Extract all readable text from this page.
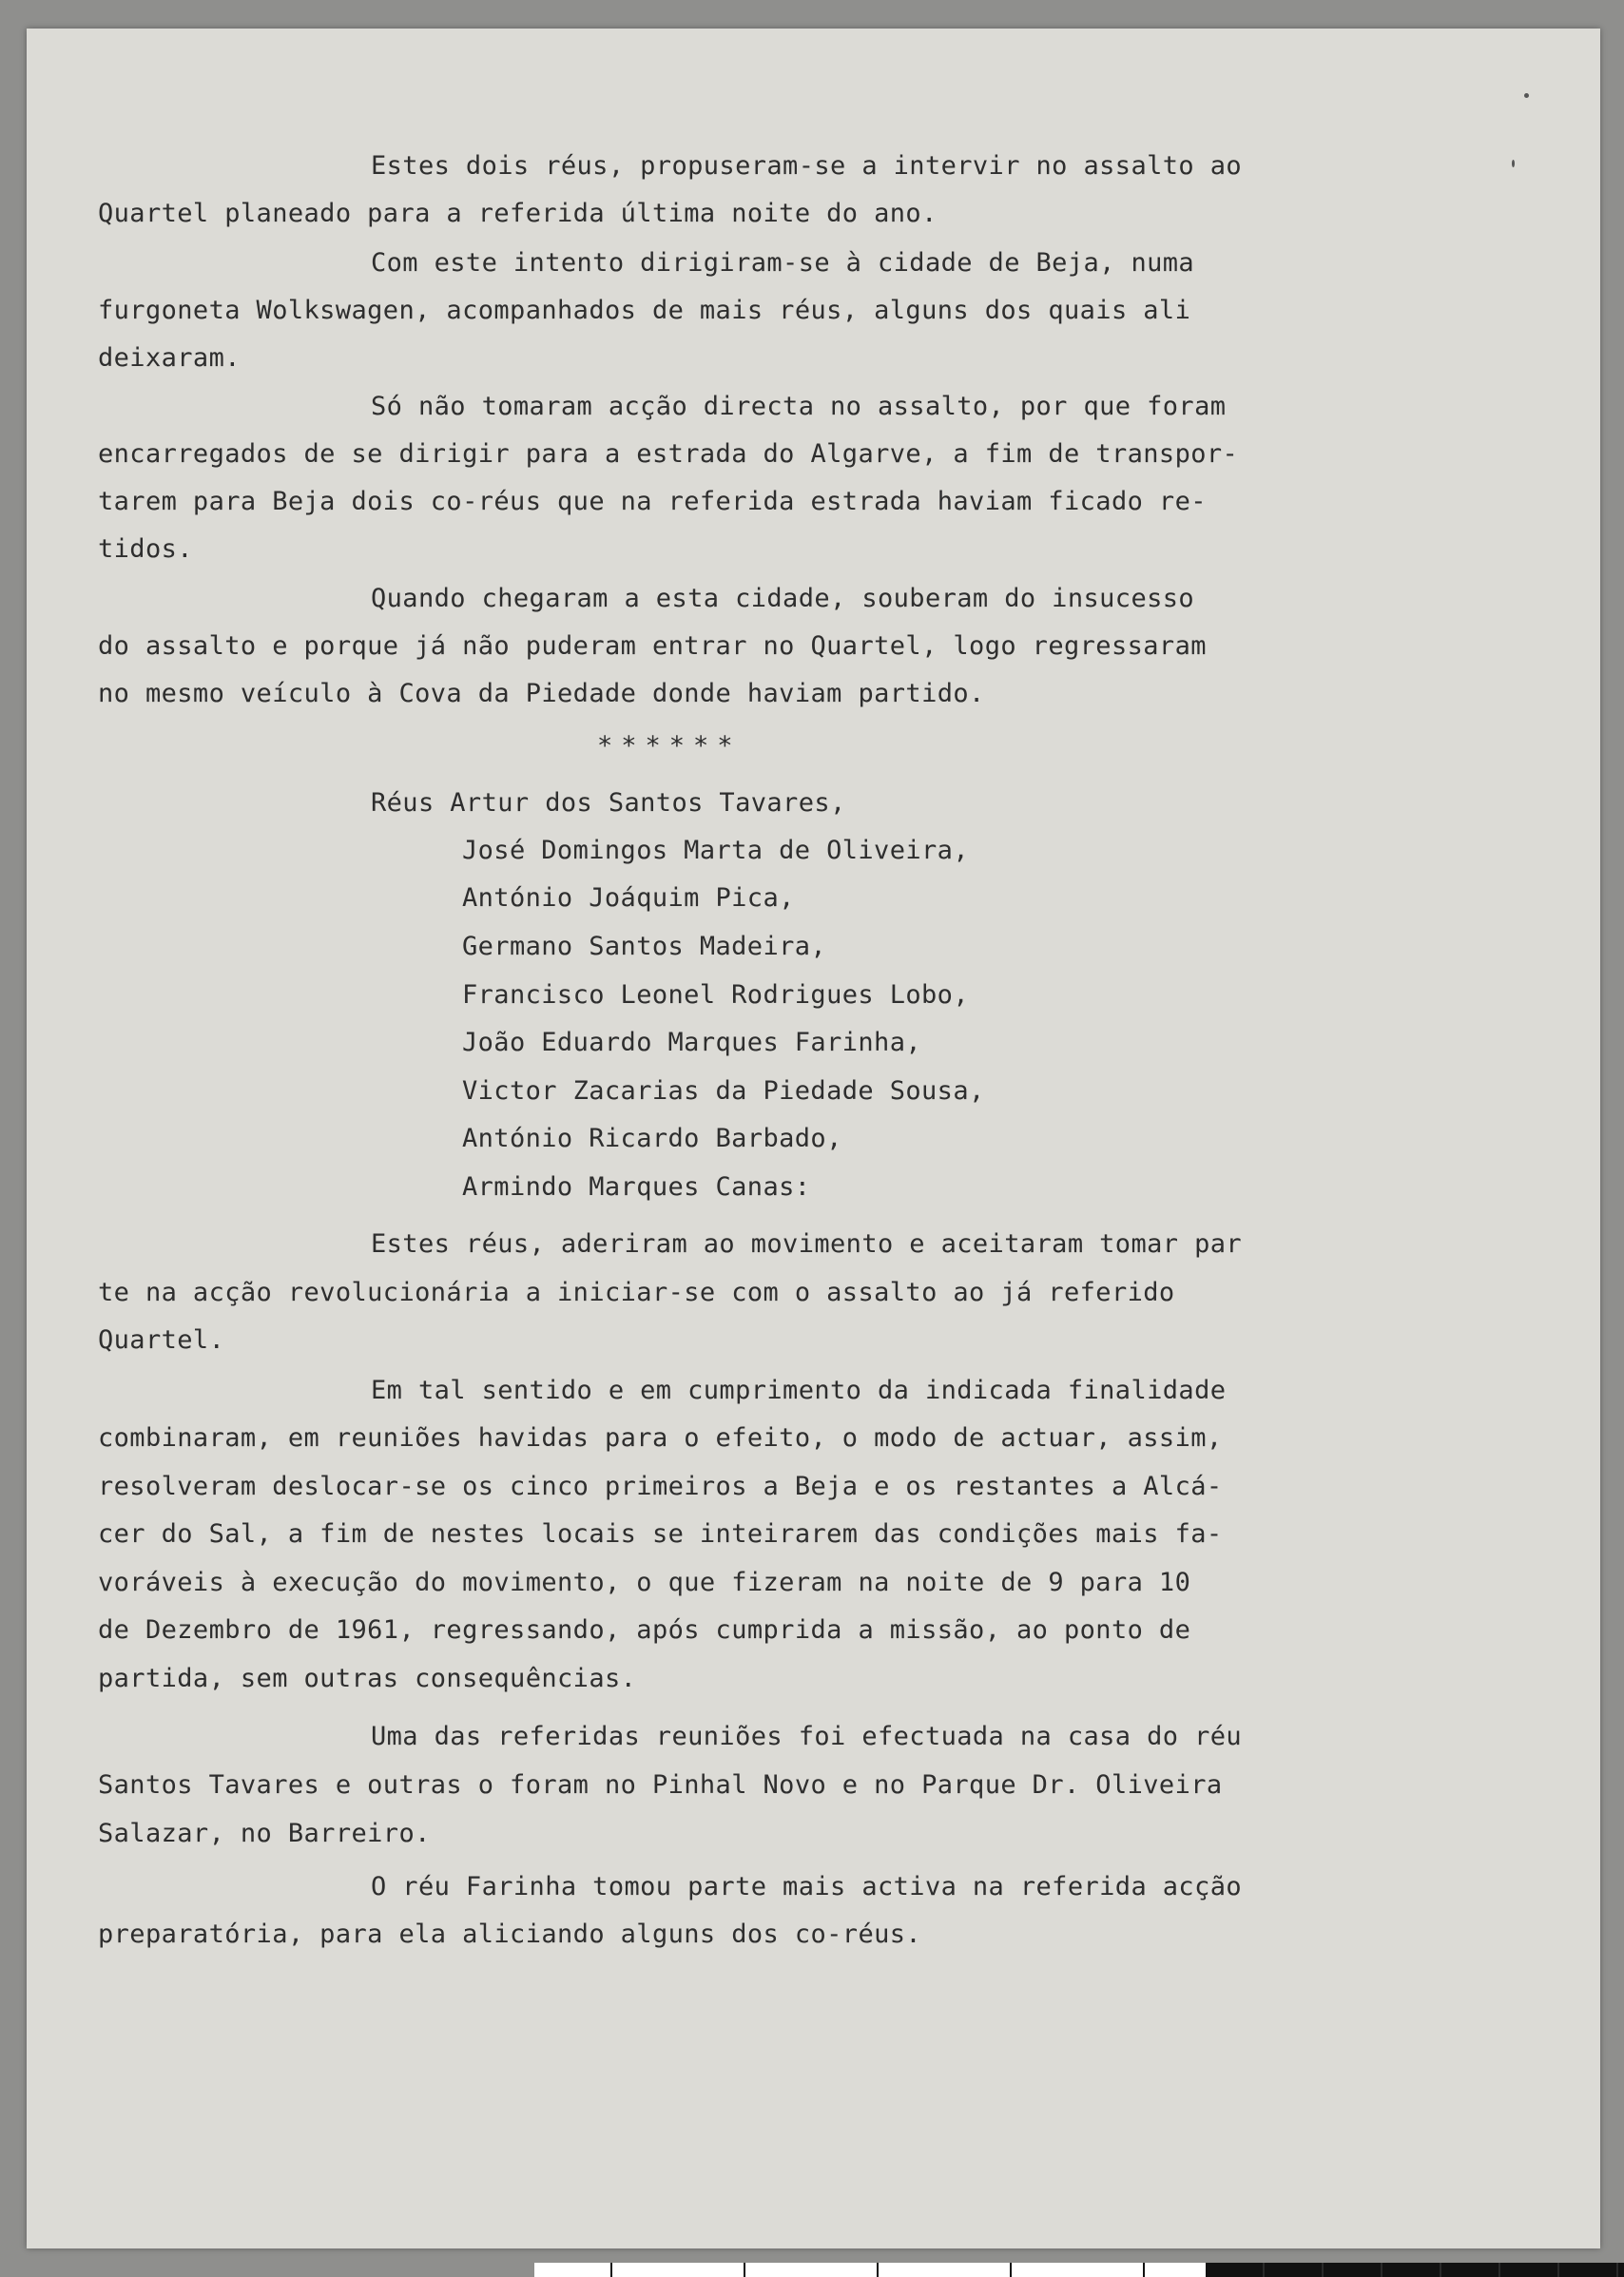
Estes dois réus, propuseram-se a intervir no assalto ao
Quartel planeado para a referida última noite do ano.
Com este intento dirigiram-se à cidade de Beja, numa
furgoneta Wolkswagen, acompanhados de mais réus, alguns dos quais ali
deixaram.
Só não tomaram acção directa no assalto, por que foram
encarregados de se dirigir para a estrada do Algarve, a fim de transpor-
tarem para Beja dois co-réus que na referida estrada haviam ficado re-
tidos.
Quando chegaram a esta cidade, souberam do insucesso
do assalto e porque já não puderam entrar no Quartel, logo regressaram
no mesmo veículo à Cova da Piedade donde haviam partido.
******
Réus Artur dos Santos Tavares,
José Domingos Marta de Oliveira,
António Joáquim Pica,
Germano Santos Madeira,
Francisco Leonel Rodrigues Lobo,
João Eduardo Marques Farinha,
Victor Zacarias da Piedade Sousa,
António Ricardo Barbado,
Armindo Marques Canas:
Estes réus, aderiram ao movimento e aceitaram tomar par
te na acção revolucionária a iniciar-se com o assalto ao já referido
Quartel.
Em tal sentido e em cumprimento da indicada finalidade
combinaram, em reuniões havidas para o efeito, o modo de actuar, assim,
resolveram deslocar-se os cinco primeiros a Beja e os restantes a Alcá-
cer do Sal, a fim de nestes locais se inteirarem das condições mais fa-
voráveis à execução do movimento, o que fizeram na noite de 9 para 10
de Dezembro de 1961, regressando, após cumprida a missão, ao ponto de
partida, sem outras consequências.
Uma das referidas reuniões foi efectuada na casa do réu
Santos Tavares e outras o foram no Pinhal Novo e no Parque Dr. Oliveira
Salazar, no Barreiro.
O réu Farinha tomou parte mais activa na referida acção
preparatória, para ela aliciando alguns dos co-réus.
